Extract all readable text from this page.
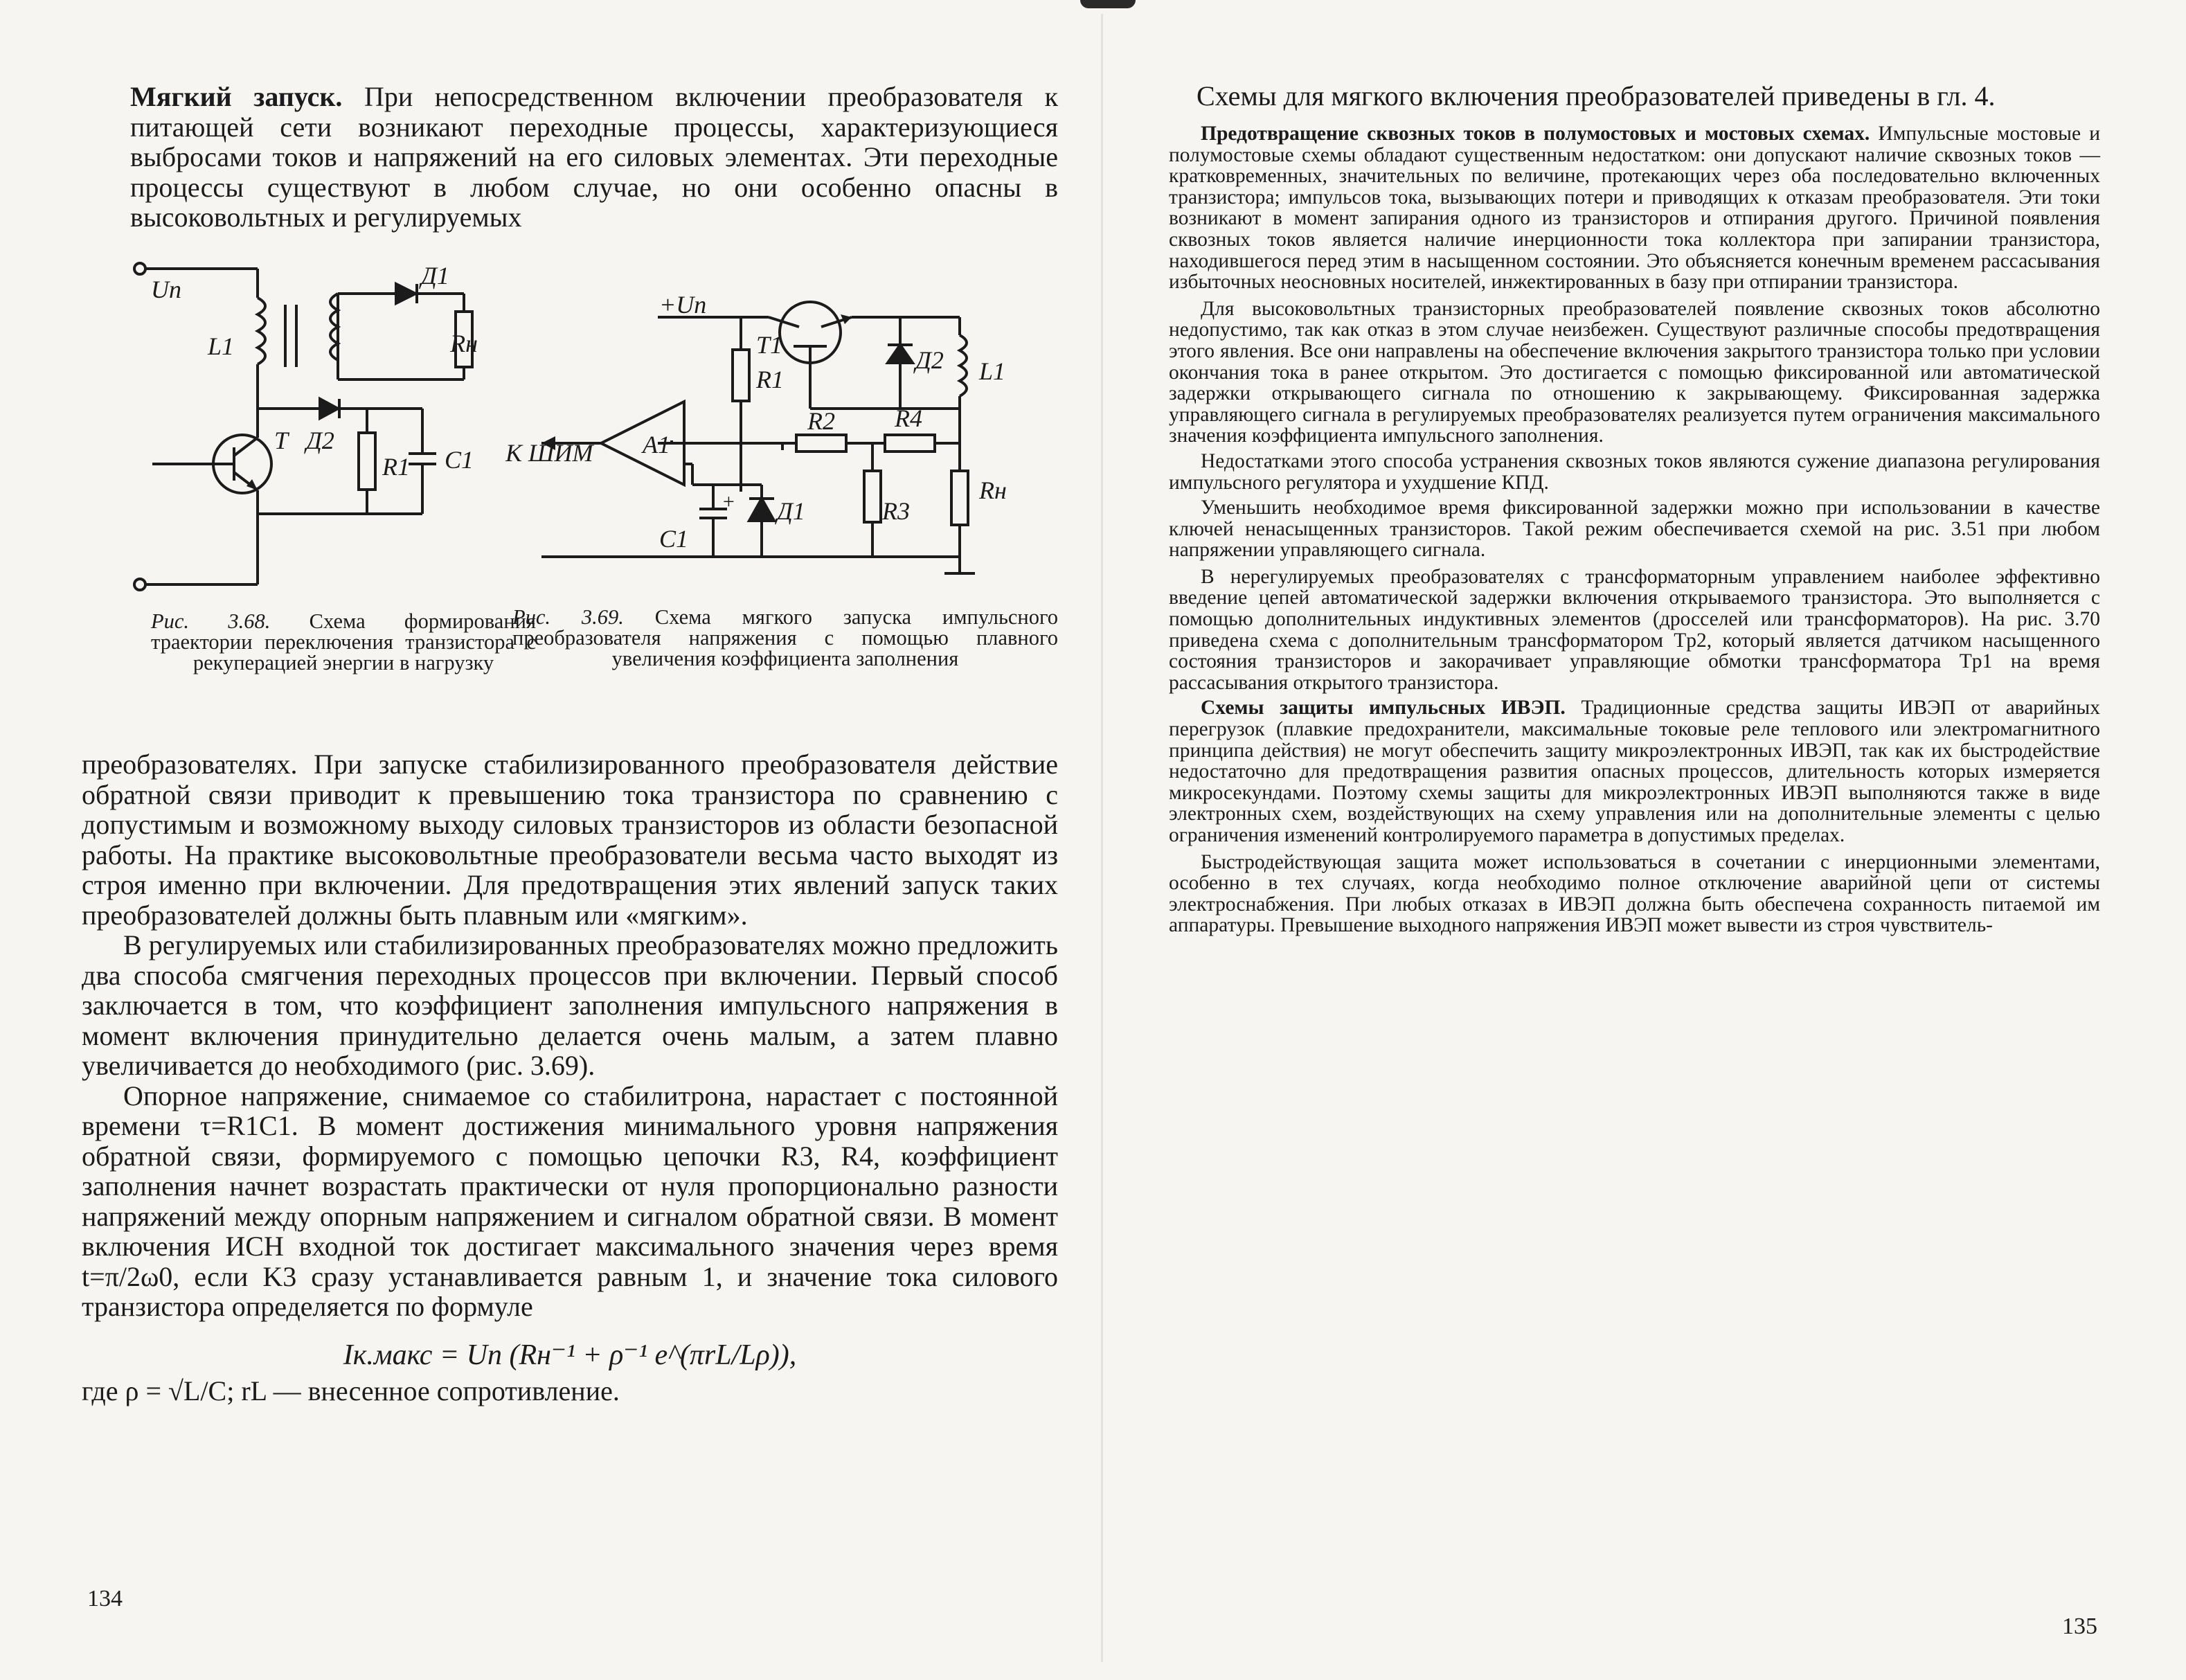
Мягкий запуск. При непосредственном включении преобразователя к питающей сети возникают переходные процессы, характеризующиеся выбросами токов и напряжений на его силовых элементах. Эти переходные процессы существуют в любом случае, но они особенно опасны в высоковольтных и регулируемых

Uп
L1
Д1
Rн
T Д2
R1 C1
Рис. 3.68. Схема формирования траектории переключения транзистора с рекуперацией энергии в нагрузку
+Uп
T1
Д2 L1
R1
R2 R4
К ШИМ A1
R3
Rн
C1
Д1
+
Рис. 3.69. Схема мягкого запуска импульсного преобразователя напряжения с помощью плавного увеличения коэффициента заполнения

преобразователях. При запуске стабилизированного преобразователя действие обратной связи приводит к превышению тока транзистора по сравнению с допустимым и возможному выходу силовых транзисторов из области безопасной работы. На практике высоковольтные преобразователи весьма часто выходят из строя именно при включении. Для предотвращения этих явлений запуск таких преобразователей должны быть плавным или «мягким».

В регулируемых или стабилизированных преобразователях можно предложить два способа смягчения переходных процессов при включении. Первый способ заключается в том, что коэффициент заполнения импульсного напряжения в момент включения принудительно делается очень малым, а затем плавно увеличивается до необходимого (рис. 3.69).

Опорное напряжение, снимаемое со стабилитрона, нарастает с постоянной времени τ=R1C1. В момент достижения минимального уровня напряжения обратной связи, формируемого с помощью цепочки R3, R4, коэффициент заполнения начнет возрастать практически от нуля пропорционально разности напряжений между опорным напряжением и сигналом обратной связи. В момент включения ИСН входной ток достигает максимального значения через время t=π/2ω0, если K3 сразу устанавливается равным 1, и значение тока силового транзистора определяется по формуле

Iк.макс = Uп (Rн⁻¹ + ρ⁻¹ e^(πrL/Lρ)),

где ρ = √L/C; rL — внесенное сопротивление.

134

Схемы для мягкого включения преобразователей приведены в гл. 4.

Предотвращение сквозных токов в полумостовых и мостовых схемах. Импульсные мостовые и полумостовые схемы обладают существенным недостатком: они допускают наличие сквозных токов — кратковременных, значительных по величине, протекающих через оба последовательно включенных транзистора; импульсов тока, вызывающих потери и приводящих к отказам преобразователя. Эти токи возникают в момент запирания одного из транзисторов и отпирания другого. Причиной появления сквозных токов является наличие инерционности тока коллектора при запирании транзистора, находившегося перед этим в насыщенном состоянии. Это объясняется конечным временем рассасывания избыточных неосновных носителей, инжектированных в базу при отпирании транзистора.

Для высоковольтных транзисторных преобразователей появление сквозных токов абсолютно недопустимо, так как отказ в этом случае неизбежен. Существуют различные способы предотвращения этого явления. Все они направлены на обеспечение включения закрытого транзистора только при условии окончания тока в ранее открытом. Это достигается с помощью фиксированной или автоматической задержки открывающего сигнала по отношению к закрывающему. Фиксированная задержка управляющего сигнала в регулируемых преобразователях реализуется путем ограничения максимального значения коэффициента импульсного заполнения.

Недостатками этого способа устранения сквозных токов являются сужение диапазона регулирования импульсного регулятора и ухудшение КПД.

Уменьшить необходимое время фиксированной задержки можно при использовании в качестве ключей ненасыщенных транзисторов. Такой режим обеспечивается схемой на рис. 3.51 при любом напряжении управляющего сигнала.

В нерегулируемых преобразователях с трансформаторным управлением наиболее эффективно введение цепей автоматической задержки включения открываемого транзистора. Это выполняется с помощью дополнительных индуктивных элементов (дросселей или трансформаторов). На рис. 3.70 приведена схема с дополнительным трансформатором Tp2, который является датчиком насыщенного состояния транзисторов и закорачивает управляющие обмотки трансформатора Tp1 на время рассасывания открытого транзистора.

Схемы защиты импульсных ИВЭП. Традиционные средства защиты ИВЭП от аварийных перегрузок (плавкие предохранители, максимальные токовые реле теплового или электромагнитного принципа действия) не могут обеспечить защиту микроэлектронных ИВЭП, так как их быстродействие недостаточно для предотвращения развития опасных процессов, длительность которых измеряется микросекундами. Поэтому схемы защиты для микроэлектронных ИВЭП выполняются также в виде электронных схем, воздействующих на схему управления или на дополнительные элементы с целью ограничения изменений контролируемого параметра в допустимых пределах.

Быстродействующая защита может использоваться в сочетании с инерционными элементами, особенно в тех случаях, когда необходимо полное отключение аварийной цепи от системы электроснабжения. При любых отказах в ИВЭП должна быть обеспечена сохранность питаемой им аппаратуры. Превышение выходного напряжения ИВЭП может вывести из строя чувствитель-

135
